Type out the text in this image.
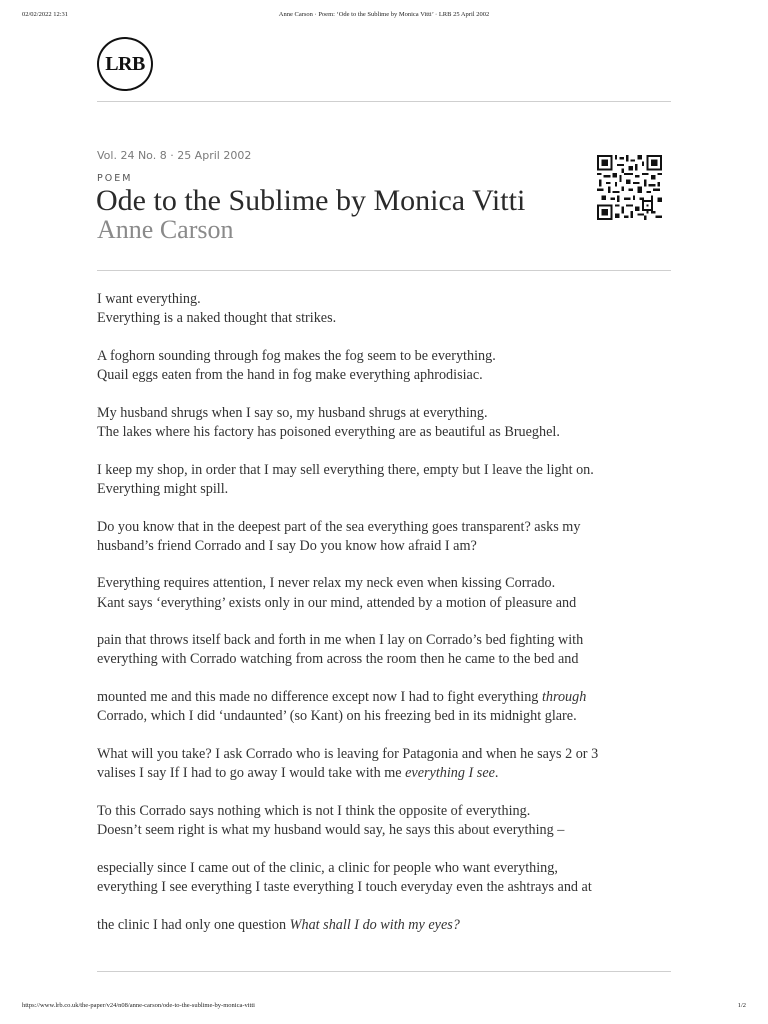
02/02/2022 12:31	Anne Carson · Poem: ‘Ode to the Sublime by Monica Vitti’ · LRB 25 April 2002
LRB
Vol. 24 No. 8 · 25 April 2002
POEM
Ode to the Sublime by Monica Vitti
Anne Carson
I want everything.
Everything is a naked thought that strikes.
A foghorn sounding through fog makes the fog seem to be everything.
Quail eggs eaten from the hand in fog make everything aphrodisiac.
My husband shrugs when I say so, my husband shrugs at everything.
The lakes where his factory has poisoned everything are as beautiful as Brueghel.
I keep my shop, in order that I may sell everything there, empty but I leave the light on.
Everything might spill.
Do you know that in the deepest part of the sea everything goes transparent? asks my
husband’s friend Corrado and I say Do you know how afraid I am?
Everything requires attention, I never relax my neck even when kissing Corrado.
Kant says ‘everything’ exists only in our mind, attended by a motion of pleasure and
pain that throws itself back and forth in me when I lay on Corrado’s bed fighting with
everything with Corrado watching from across the room then he came to the bed and
mounted me and this made no difference except now I had to fight everything through
Corrado, which I did ‘undaunted’ (so Kant) on his freezing bed in its midnight glare.
What will you take? I ask Corrado who is leaving for Patagonia and when he says 2 or 3
valises I say If I had to go away I would take with me everything I see.
To this Corrado says nothing which is not I think the opposite of everything.
Doesn’t seem right is what my husband would say, he says this about everything –
especially since I came out of the clinic, a clinic for people who want everything,
everything I see everything I taste everything I touch everyday even the ashtrays and at
the clinic I had only one question What shall I do with my eyes?
https://www.lrb.co.uk/the-paper/v24/n08/anne-carson/ode-to-the-sublime-by-monica-vitti	1/2
